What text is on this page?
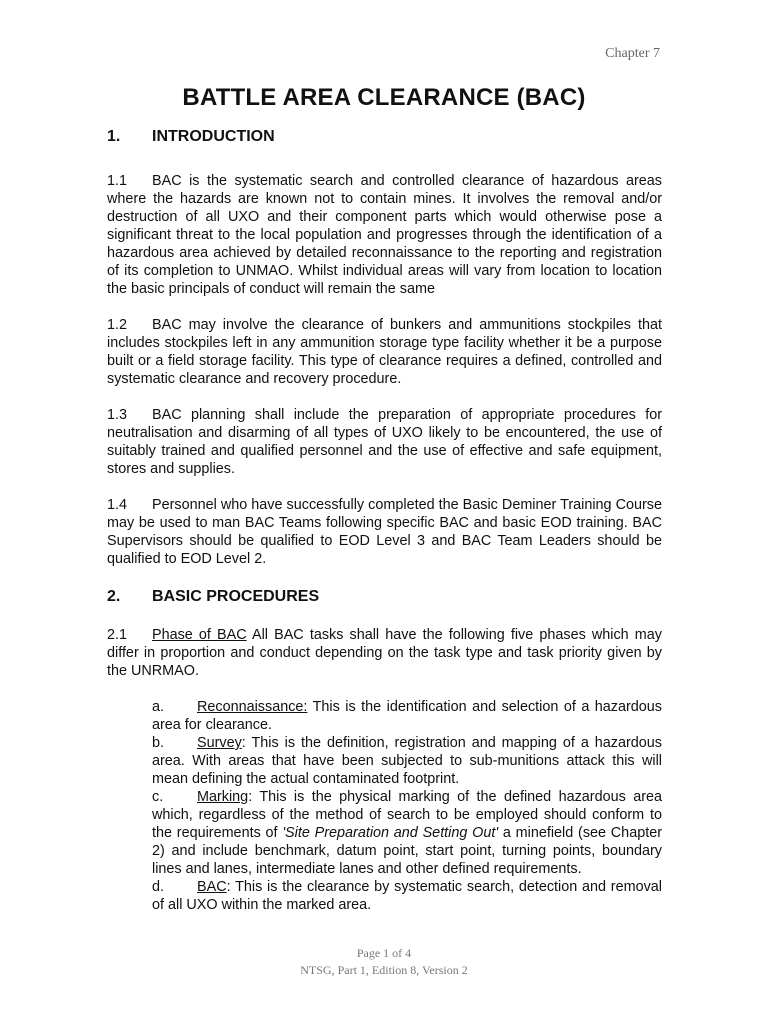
Chapter 7
BATTLE AREA CLEARANCE (BAC)
1.	INTRODUCTION

1.1 BAC is the systematic search and controlled clearance of hazardous areas where the hazards are known not to contain mines. It involves the removal and/or destruction of all UXO and their component parts which would otherwise pose a significant threat to the local population and progresses through the identification of a hazardous area achieved by detailed reconnaissance to the reporting and registration of its completion to UNMAO. Whilst individual areas will vary from location to location the basic principals of conduct will remain the same

1.2 BAC may involve the clearance of bunkers and ammunitions stockpiles that includes stockpiles left in any ammunition storage type facility whether it be a purpose built or a field storage facility. This type of clearance requires a defined, controlled and systematic clearance and recovery procedure.

1.3 BAC planning shall include the preparation of appropriate procedures for neutralisation and disarming of all types of UXO likely to be encountered, the use of suitably trained and qualified personnel and the use of effective and safe equipment, stores and supplies.

1.4 Personnel who have successfully completed the Basic Deminer Training Course may be used to man BAC Teams following specific BAC and basic EOD training. BAC Supervisors should be qualified to EOD Level 3 and BAC Team Leaders should be qualified to EOD Level 2.

2.	BASIC PROCEDURES

2.1 Phase of BAC All BAC tasks shall have the following five phases which may differ in proportion and conduct depending on the task type and task priority given by the UNRMAO.

a. Reconnaissance: This is the identification and selection of a hazardous area for clearance.

b. Survey: This is the definition, registration and mapping of a hazardous area. With areas that have been subjected to sub-munitions attack this will mean defining the actual contaminated footprint.

c. Marking: This is the physical marking of the defined hazardous area which, regardless of the method of search to be employed should conform to the requirements of 'Site Preparation and Setting Out' a minefield (see Chapter 2) and include benchmark, datum point, start point, turning points, boundary lines and lanes, intermediate lanes and other defined requirements.

d. BAC: This is the clearance by systematic search, detection and removal of all UXO within the marked area.

Page 1 of 4
NTSG, Part 1, Edition 8, Version 2
